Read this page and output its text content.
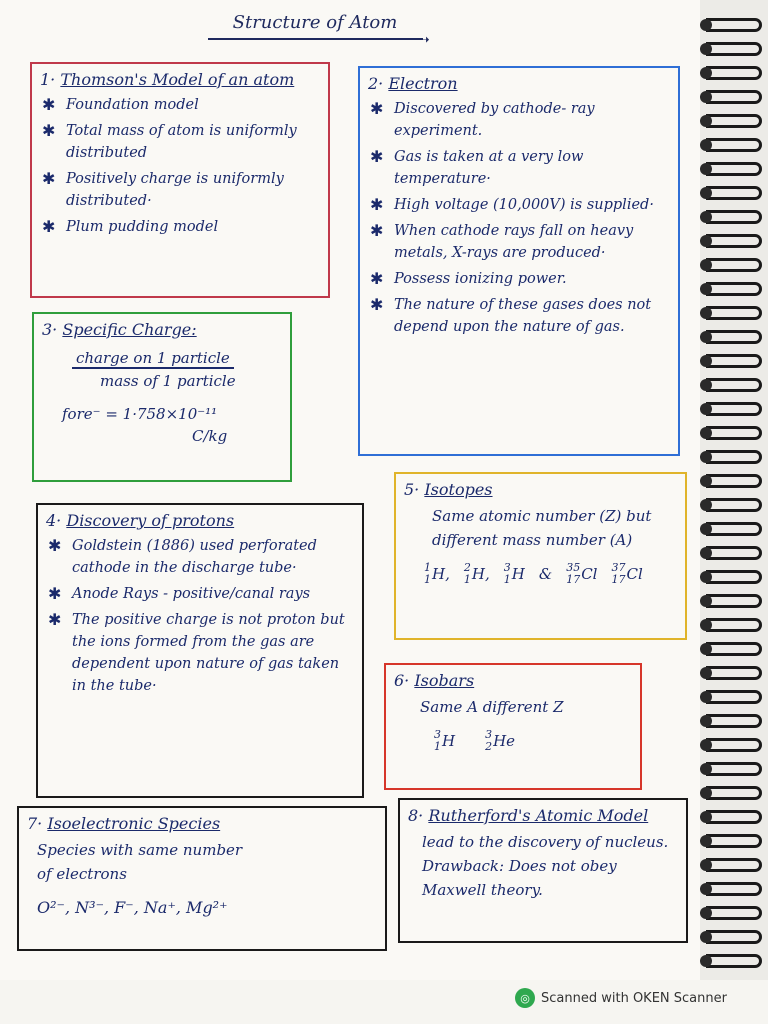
Structure of Atom
➝
1· Thomson's Model of an atom
✱ Foundation model
✱ Total mass of atom is uniformly distributed
✱ Positively charge is uniformly distributed·
✱ Plum pudding model
2· Electron
✱ Discovered by cathode- ray experiment.
✱ Gas is taken at a very low temperature·
✱ High voltage (10,000V) is supplied·
✱ When cathode rays fall on heavy metals, X-rays are produced·
✱ Possess ionizing power.
✱ The nature of these gases does not depend upon the nature of gas.
3· Specific Charge:
charge on 1 particle
mass of 1 particle
fore⁻ = 1·758×10⁻¹¹
C/kg
4· Discovery of protons
✱ Goldstein (1886) used perforated cathode in the discharge tube·
✱ Anode Rays - positive/canal rays
✱ The positive charge is not proton but the ions formed from the gas are dependent upon nature of gas taken in the tube·
5· Isotopes
Same atomic number (Z) but different mass number (A)
1
1 H , 2
1 H , 3
1 H & 35
17 Cl 37
17 Cl
6· Isobars
Same A different Z
3
1 H	3
2 He
7· Isoelectronic Species
Species with same number of electrons
O²⁻, N³⁻, F⁻, Na⁺, Mg²⁺
8· Rutherford's Atomic Model
lead to the discovery of nucleus.
Drawback: Does not obey Maxwell theory.
◎ Scanned with OKEN Scanner
